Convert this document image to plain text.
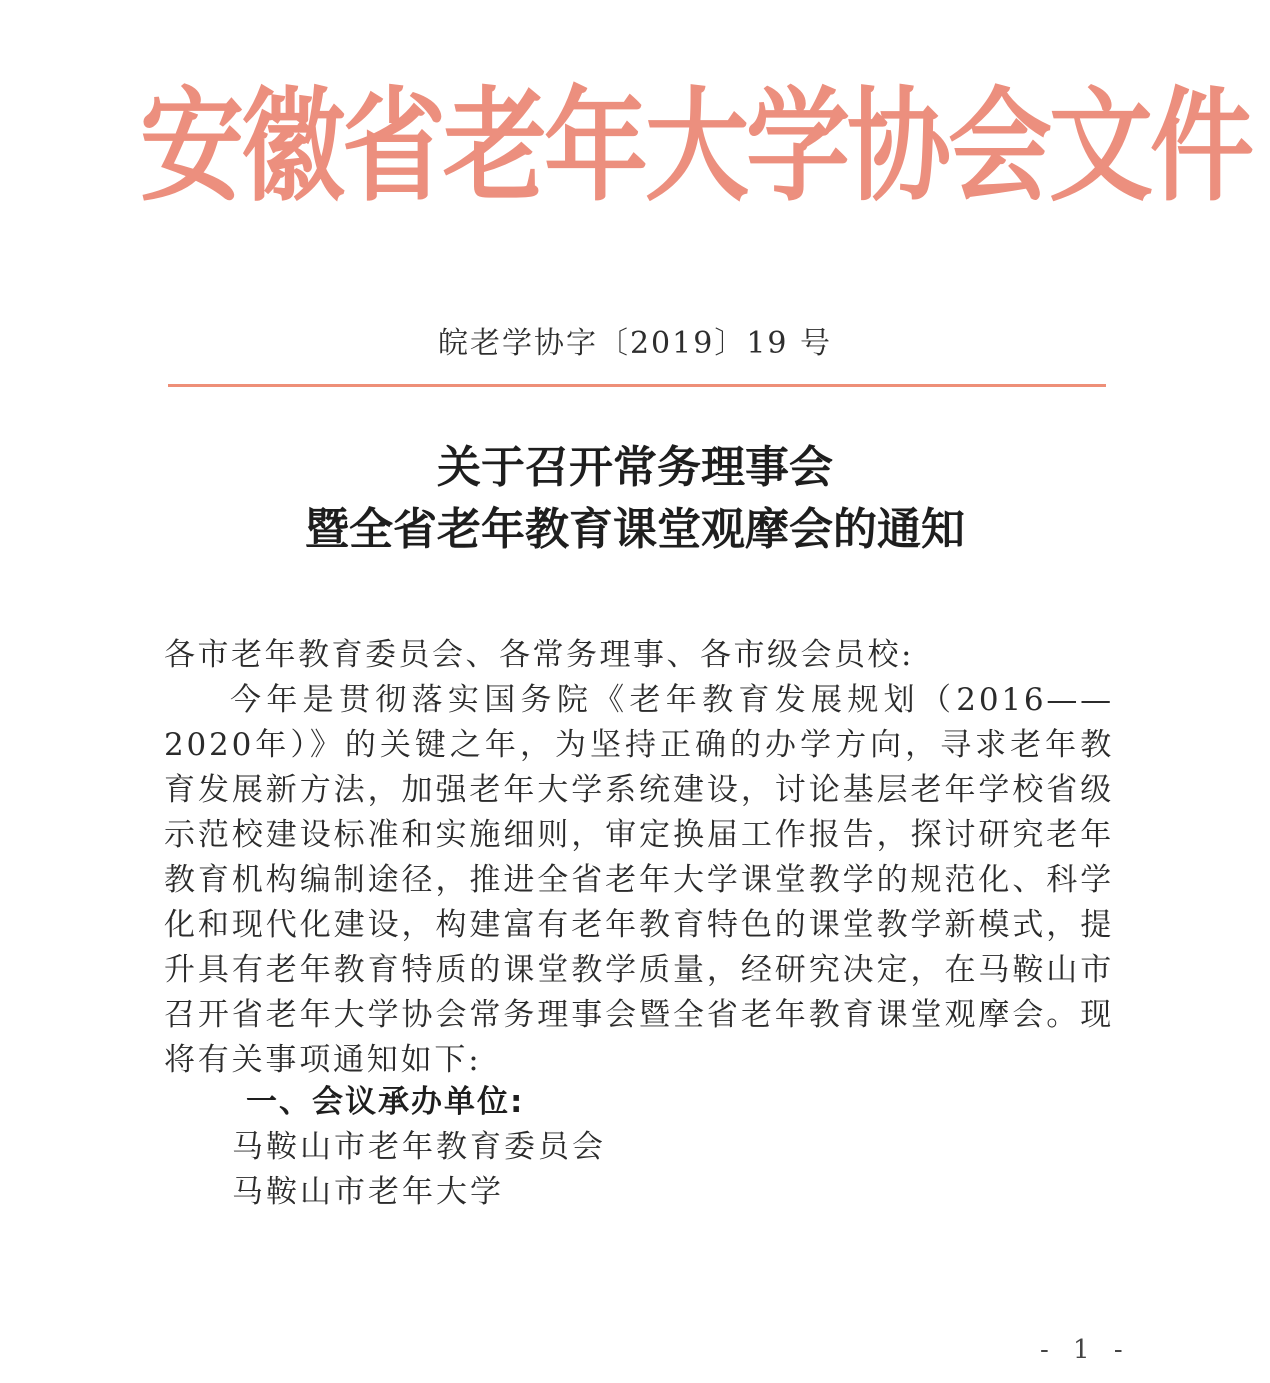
安徽省老年大学协会文件
皖老学协字〔2019〕19 号
关于召开常务理事会
暨全省老年教育课堂观摩会的通知
各市老年教育委员会、各常务理事、各市级会员校:
今年是贯彻落实国务院《老年教育发展规划（2016——2020年）》的关键之年，为坚持正确的办学方向，寻求老年教育发展新方法，加强老年大学系统建设，讨论基层老年学校省级示范校建设标准和实施细则，审定换届工作报告，探讨研究老年教育机构编制途径，推进全省老年大学课堂教学的规范化、科学化和现代化建设，构建富有老年教育特色的课堂教学新模式，提升具有老年教育特质的课堂教学质量，经研究决定，在马鞍山市召开省老年大学协会常务理事会暨全省老年教育课堂观摩会。现将有关事项通知如下:
一、会议承办单位:
马鞍山市老年教育委员会
马鞍山市老年大学
- 1 -
